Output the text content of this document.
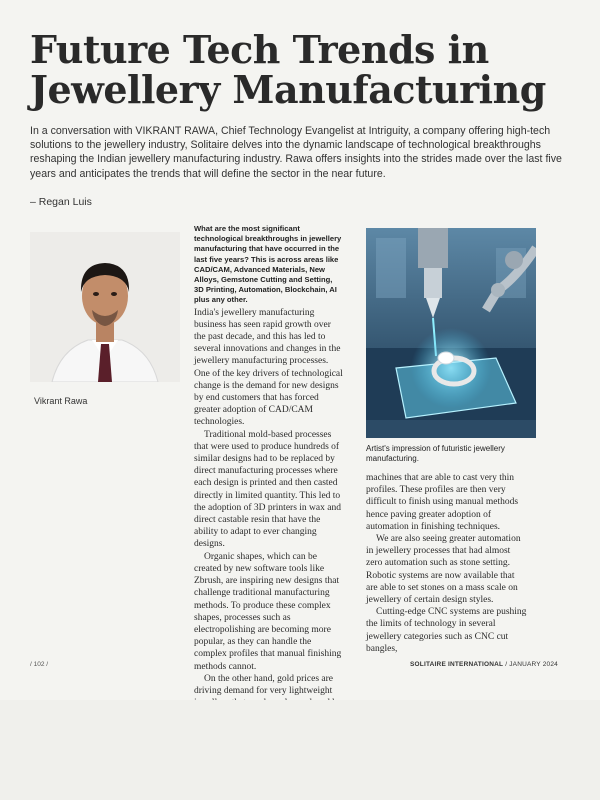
Future Tech Trends in Jewellery Manufacturing

In a conversation with VIKRANT RAWA, Chief Technology Evangelist at Intriguity, a company offering high-tech solutions to the jewellery industry, Solitaire delves into the dynamic landscape of technological breakthroughs reshaping the Indian jewellery manufacturing industry. Rawa offers insights into the strides made over the last five years and anticipates the trends that will define the sector in the near future.

– Regan Luis

Vikrant Rawa
What are the most significant technological breakthroughs in jewellery manufacturing that have occurred in the last five years? This is across areas like CAD/CAM, Advanced Materials, New Alloys, Gemstone Cutting and Setting, 3D Printing, Automation, Blockchain, AI plus any other.

India's jewellery manufacturing business has seen rapid growth over the past decade, and this has led to several innovations and changes in the jewellery manufacturing processes. One of the key drivers of technological change is the demand for new designs by end customers that has forced greater adoption of CAD/CAM technologies.

Traditional mold-based processes that were used to produce hundreds of similar designs had to be replaced by direct manufacturing processes where each design is printed and then casted directly in limited quantity. This led to the adoption of 3D printers in wax and direct castable resin that have the ability to adapt to ever changing designs.

Organic shapes, which can be created by new software tools like Zbrush, are inspiring new designs that challenge traditional manufacturing methods. To produce these complex shapes, processes such as electropolishing are becoming more popular, as they can handle the complex profiles that manual finishing methods cannot.

On the other hand, gold prices are driving demand for very lightweight

Artist's impression of futuristic jewellery manufacturing.

machines that are able to cast very thin profiles. These profiles are then very difficult to finish using manual methods hence paving greater adoption of automation in finishing techniques.

We are also seeing greater automation in jewellery processes that had almost zero automation such as stone setting. Robotic systems are now available that are able to set stones on a mass scale on jewellery of certain design styles.

Cutting-edge CNC systems are pushing the limits of technology in several jewellery categories such as CNC cut bangles,

/ 102 /	SOLITAIRE INTERNATIONAL / JANUARY 2024
